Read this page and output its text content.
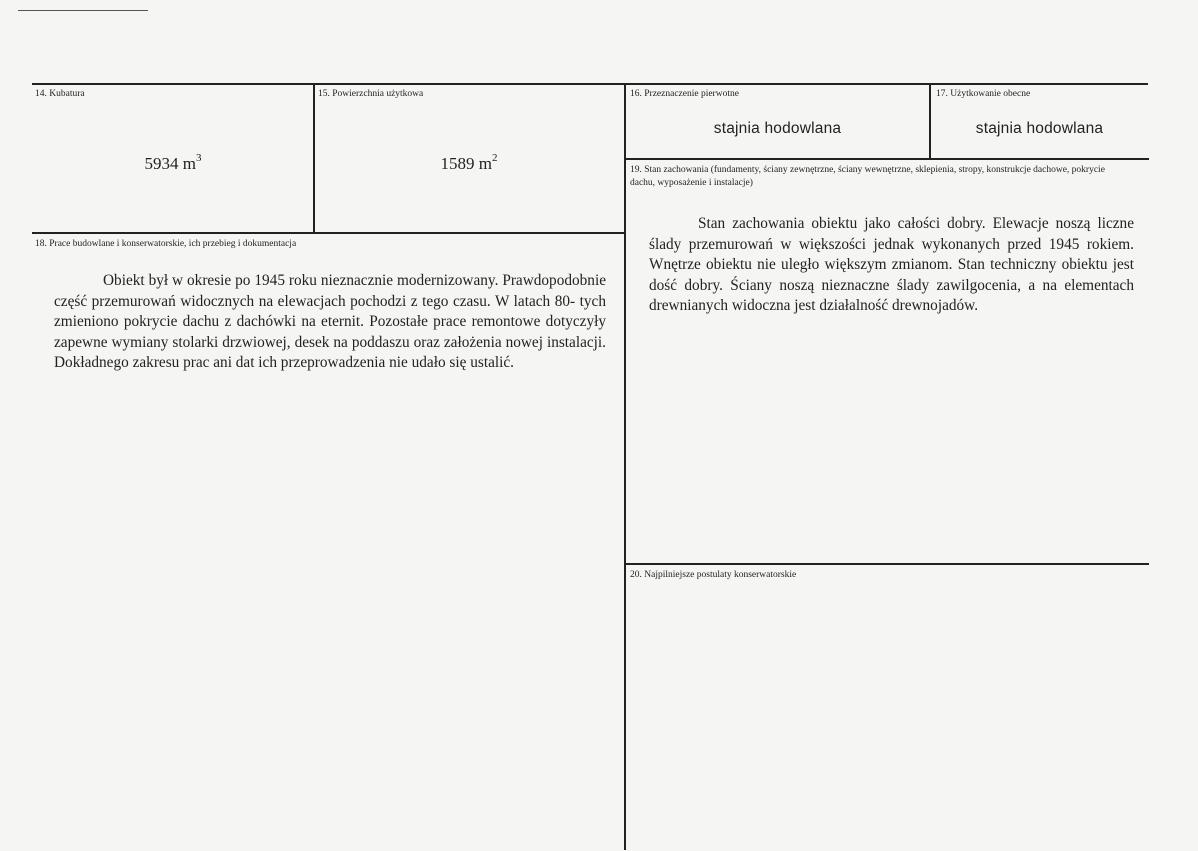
14. Kubatura
5934 $m^3$
15. Powierzchnia użytkowa
1589 $m^2$
16. Przeznaczenie pierwotne
stajnia hodowlana
17. Użytkowanie obecne
stajnia hodowlana
18. Prace budowlane i konserwatorskie, ich przebieg i dokumentacja
Obiekt był w okresie po 1945 roku nieznacznie modernizowany. Prawdopodobnie część przemurowań widocznych na elewacjach pochodzi z tego czasu. W latach 80- tych zmieniono pokrycie dachu z dachówki na eternit. Pozostałe prace remontowe dotyczyły zapewne wymiany stolarki drzwiowej, desek na poddaszu oraz założenia nowej instalacji. Dokładnego zakresu prac ani dat ich przeprowadzenia nie udało się ustalić.
19. Stan zachowania (fundamenty, ściany zewnętrzne, ściany wewnętrzne, sklepienia, stropy, konstrukcje dachowe, pokrycie dachu, wyposażenie i instalacje)
Stan zachowania obiektu jako całości dobry. Elewacje noszą liczne ślady przemurowań w większości jednak wykonanych przed 1945 rokiem. Wnętrze obiektu nie uległo większym zmianom. Stan techniczny obiektu jest dość dobry. Ściany noszą nieznaczne ślady zawilgocenia, a na elementach drewnianych widoczna jest działalność drewnojadów.
20. Najpilniejsze postulaty konserwatorskie
